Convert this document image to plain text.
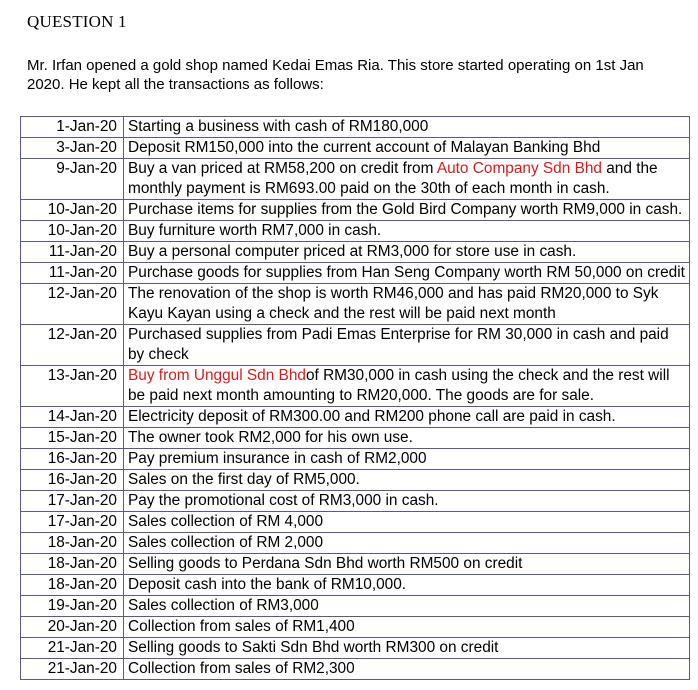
QUESTION 1
Mr. Irfan opened a gold shop named Kedai Emas Ria. This store started operating on 1st Jan 2020. He kept all the transactions as follows:
1-Jan-20	Starting a business with cash of RM180,000
3-Jan-20	Deposit RM150,000 into the current account of Malayan Banking Bhd
9-Jan-20	Buy a van priced at RM58,200 on credit from Auto Company Sdn Bhd and the monthly payment is RM693.00 paid on the 30th of each month in cash.
10-Jan-20	Purchase items for supplies from the Gold Bird Company worth RM9,000 in cash.
10-Jan-20	Buy furniture worth RM7,000 in cash.
11-Jan-20	Buy a personal computer priced at RM3,000 for store use in cash.
11-Jan-20	Purchase goods for supplies from Han Seng Company worth RM 50,000 on credit
12-Jan-20	The renovation of the shop is worth RM46,000 and has paid RM20,000 to Syk Kayu Kayan using a check and the rest will be paid next month
12-Jan-20	Purchased supplies from Padi Emas Enterprise for RM 30,000 in cash and paid by check
13-Jan-20	Buy from Unggul Sdn Bhdof RM30,000 in cash using the check and the rest will be paid next month amounting to RM20,000. The goods are for sale.
14-Jan-20	Electricity deposit of RM300.00 and RM200 phone call are paid in cash.
15-Jan-20	The owner took RM2,000 for his own use.
16-Jan-20	Pay premium insurance in cash of RM2,000
16-Jan-20	Sales on the first day of RM5,000.
17-Jan-20	Pay the promotional cost of RM3,000 in cash.
17-Jan-20	Sales collection of RM 4,000
18-Jan-20	Sales collection of RM 2,000
18-Jan-20	Selling goods to Perdana Sdn Bhd worth RM500 on credit
18-Jan-20	Deposit cash into the bank of RM10,000.
19-Jan-20	Sales collection of RM3,000
20-Jan-20	Collection from sales of RM1,400
21-Jan-20	Selling goods to Sakti Sdn Bhd worth RM300 on credit
21-Jan-20	Collection from sales of RM2,300
